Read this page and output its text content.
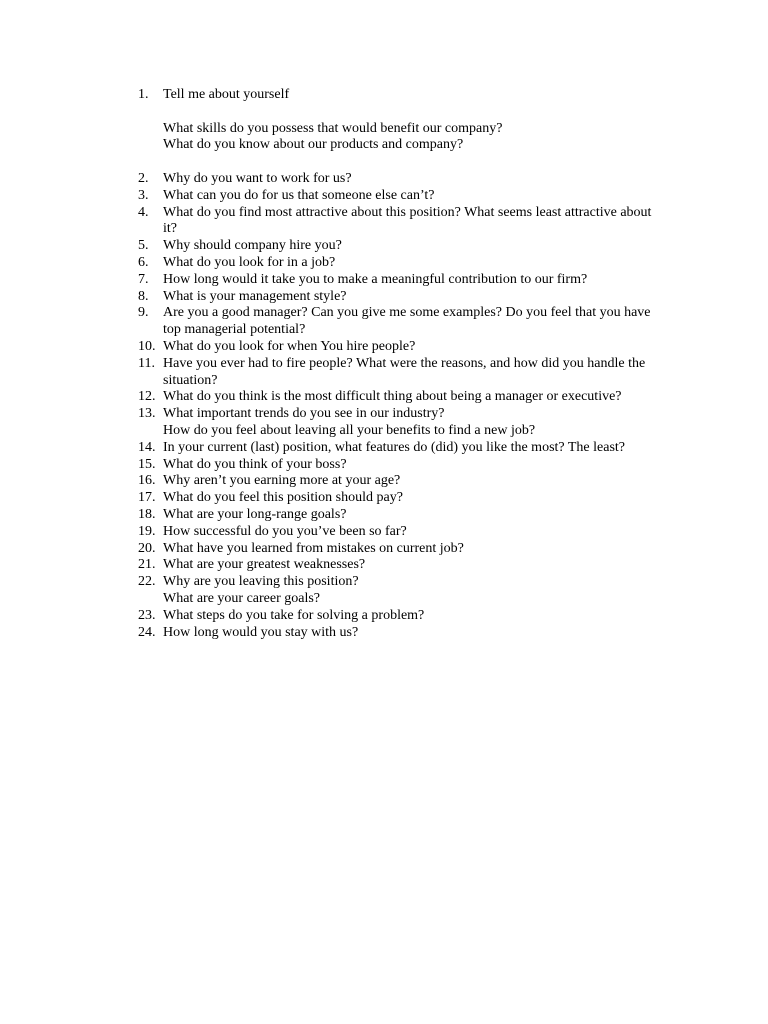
1.	Tell me about yourself

What skills do you possess that would benefit our company?
What do you know about our products and company?
2.	Why do you want to work for us?

3.	What can you do for us that someone else can’t?

4.	What do you find most attractive about this position? What seems least attractive about it?

5.	Why should company hire you?

6.	What do you look for in a job?

7.	How long would it take you to make a meaningful contribution to our firm?

8.	What is your management style?

9.	Are you a good manager? Can you give me some examples? Do you feel that you have top managerial potential?

10. What do you look for when You hire people?

11. Have you ever had to fire people? What were the reasons, and how did you handle the situation?

12. What do you think is the most difficult thing about being a manager or executive?

13. What important trends do you see in our industry?

How do you feel about leaving all your benefits to find a new job?
14. In your current (last) position, what features do (did) you like the most? The least?

15. What do you think of your boss?

16. Why aren’t you earning more at your age?

17. What do you feel this position should pay?

18. What are your long-range goals?

19. How successful do you you’ve been so far?

20. What have you learned from mistakes on current job?

21. What are your greatest weaknesses?

22. Why are you leaving this position?

What are your career goals?
23. What steps do you take for solving a problem?

24. How long would you stay with us?
